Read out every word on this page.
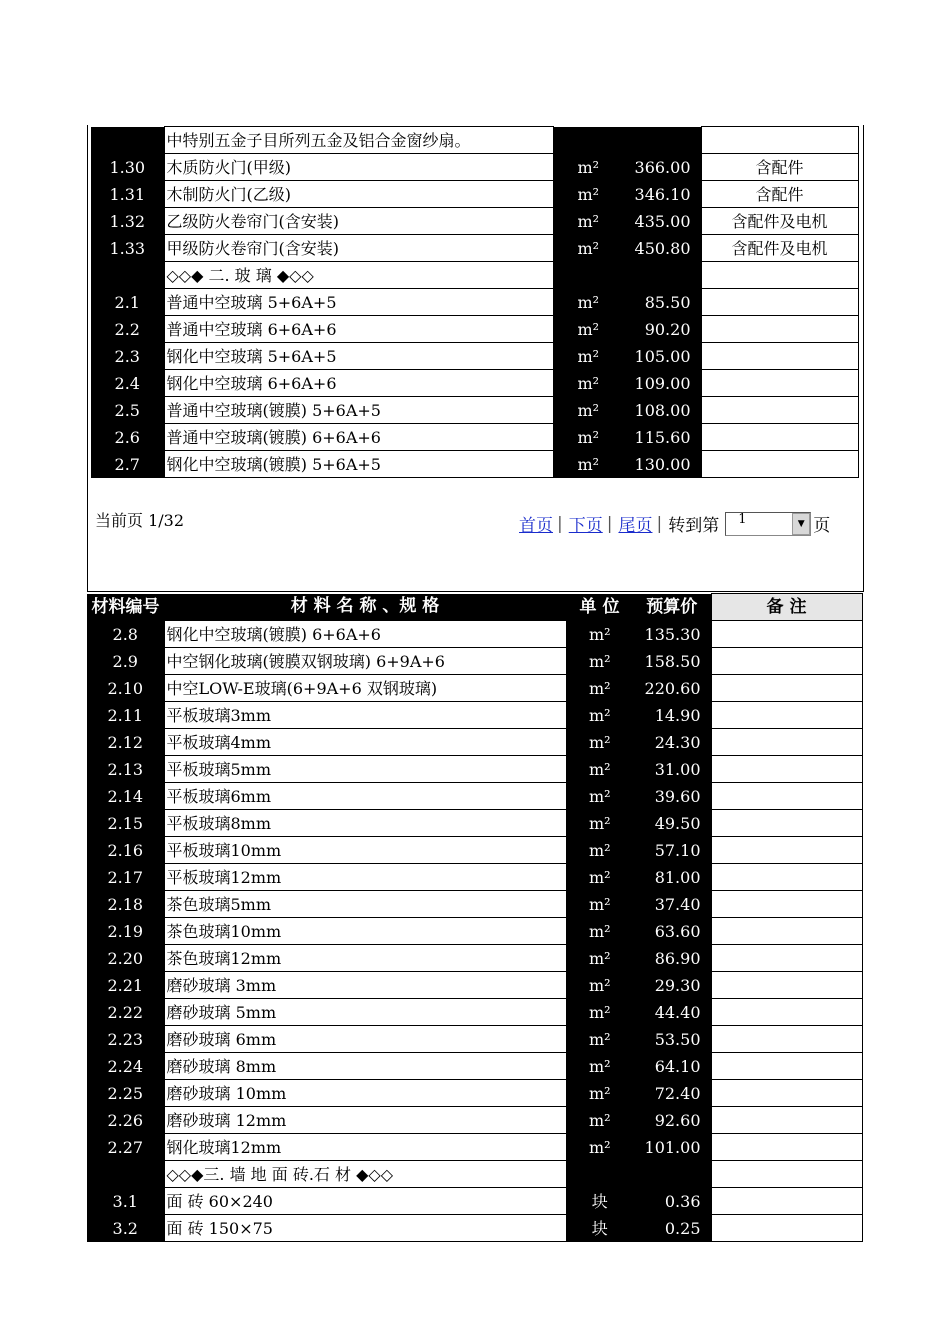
	中特别五金子目所列五金及铝合金窗纱扇。			
1.30	木质防火门(甲级)	m²	366.00	含配件
1.31	木制防火门(乙级)	m²	346.10	含配件
1.32	乙级防火卷帘门(含安装)	m²	435.00	含配件及电机
1.33	甲级防火卷帘门(含安装)	m²	450.80	含配件及电机
	◇◇◆ 二. 玻 璃 ◆◇◇			
2.1	普通中空玻璃 5+6A+5	m²	85.50	
2.2	普通中空玻璃 6+6A+6	m²	90.20	
2.3	钢化中空玻璃 5+6A+5	m²	105.00	
2.4	钢化中空玻璃 6+6A+6	m²	109.00	
2.5	普通中空玻璃(镀膜) 5+6A+5	m²	108.00	
2.6	普通中空玻璃(镀膜) 6+6A+6	m²	115.60	
2.7	钢化中空玻璃(镀膜) 5+6A+5	m²	130.00	
当前页 1/32	首页 | 下页 | 尾页 | 转到第	1	▼ 页
材料编号	材 料 名 称 、规 格	单 位	预算价	备 注
2.8	钢化中空玻璃(镀膜) 6+6A+6	m²	135.30	
2.9	中空钢化玻璃(镀膜双钢玻璃) 6+9A+6	m²	158.50	
2.10	中空LOW-E玻璃(6+9A+6 双钢玻璃)	m²	220.60	
2.11	平板玻璃3mm	m²	14.90	
2.12	平板玻璃4mm	m²	24.30	
2.13	平板玻璃5mm	m²	31.00	
2.14	平板玻璃6mm	m²	39.60	
2.15	平板玻璃8mm	m²	49.50	
2.16	平板玻璃10mm	m²	57.10	
2.17	平板玻璃12mm	m²	81.00	
2.18	茶色玻璃5mm	m²	37.40	
2.19	茶色玻璃10mm	m²	63.60	
2.20	茶色玻璃12mm	m²	86.90	
2.21	磨砂玻璃 3mm	m²	29.30	
2.22	磨砂玻璃 5mm	m²	44.40	
2.23	磨砂玻璃 6mm	m²	53.50	
2.24	磨砂玻璃 8mm	m²	64.10	
2.25	磨砂玻璃 10mm	m²	72.40	
2.26	磨砂玻璃 12mm	m²	92.60	
2.27	钢化玻璃12mm	m²	101.00	
	◇◇◆三. 墙 地 面 砖.石 材 ◆◇◇			
3.1	面 砖 60×240	块	0.36	
3.2	面 砖 150×75	块	0.25	
